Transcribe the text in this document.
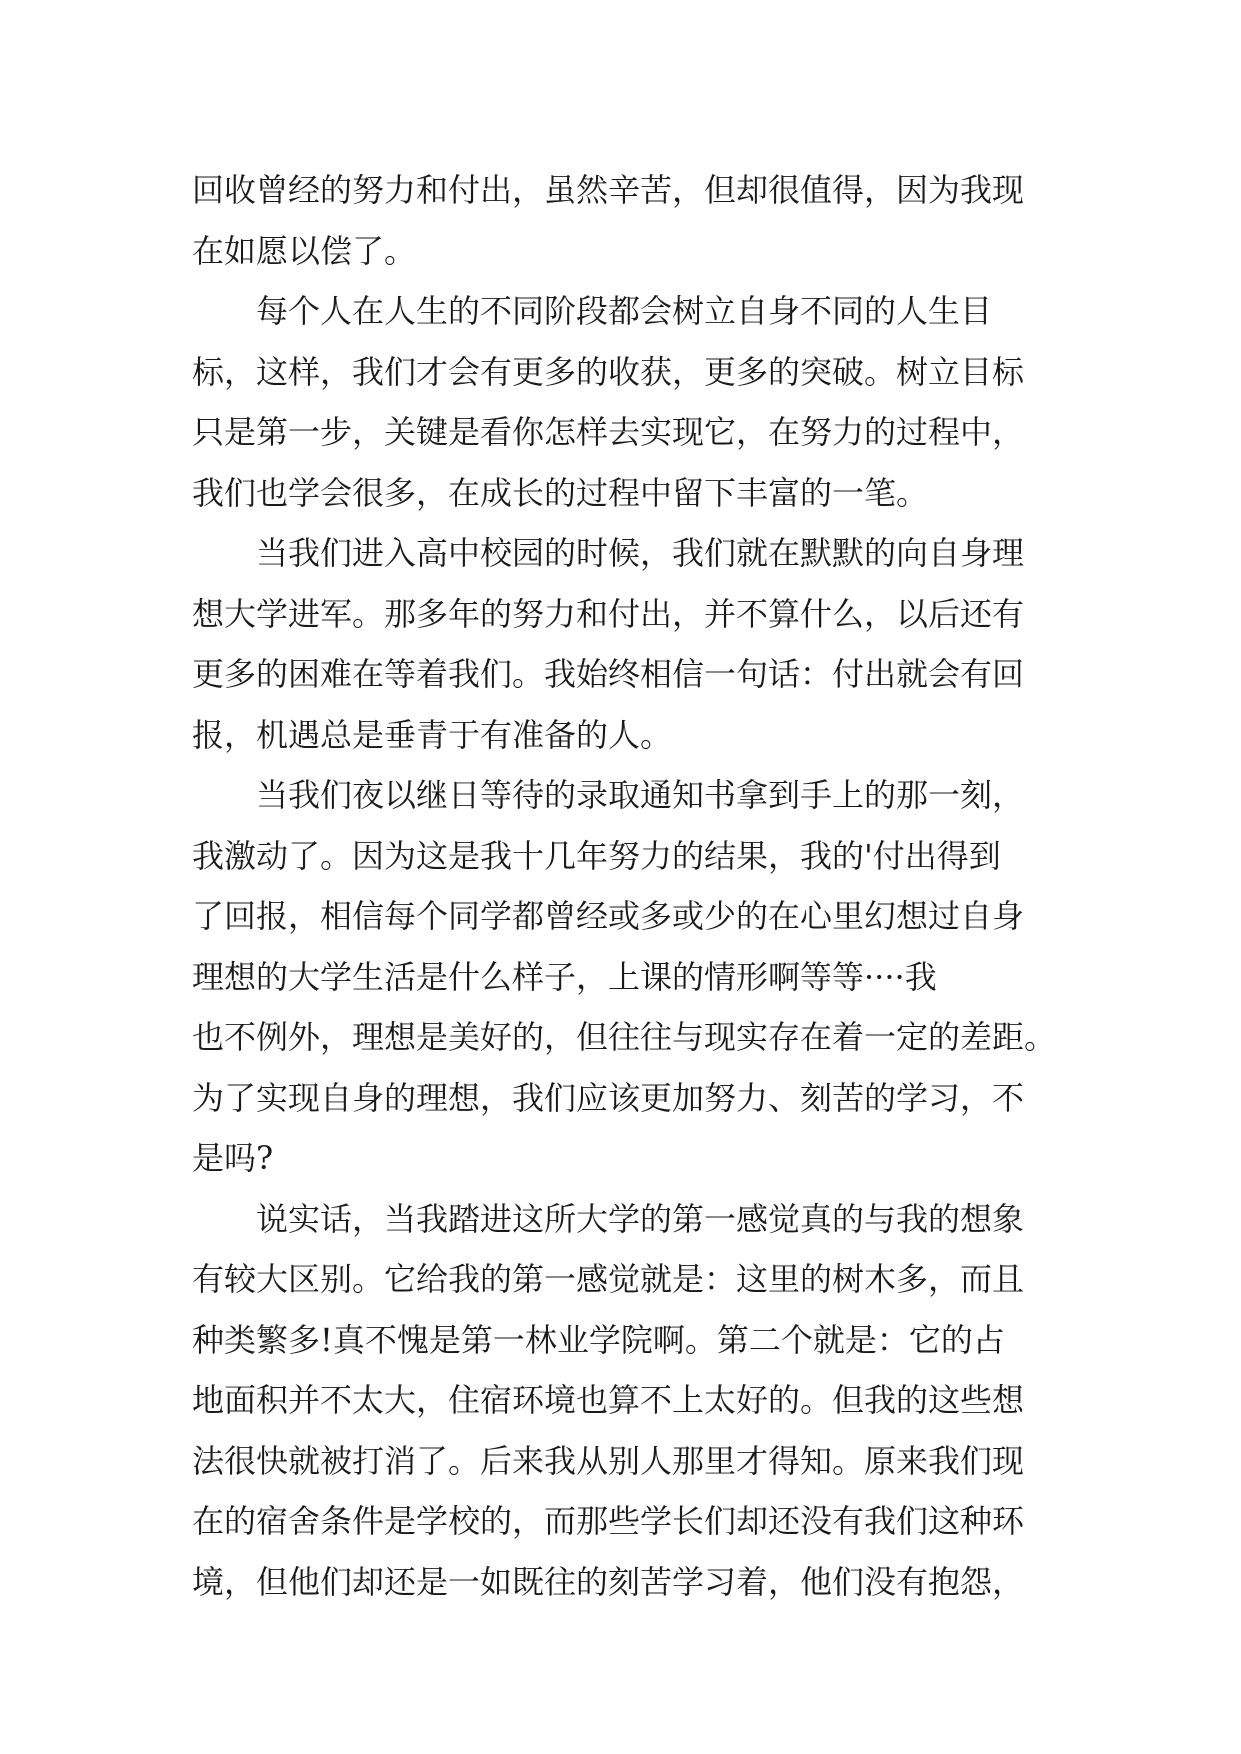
回收曾经的努力和付出，虽然辛苦，但却很值得，因为我现
在如愿以偿了。
每个人在人生的不同阶段都会树立自身不同的人生目
标，这样，我们才会有更多的收获，更多的突破。树立目标
只是第一步，关键是看你怎样去实现它，在努力的过程中，
我们也学会很多，在成长的过程中留下丰富的一笔。
当我们进入高中校园的时候，我们就在默默的向自身理
想大学进军。那多年的努力和付出，并不算什么，以后还有
更多的困难在等着我们。我始终相信一句话：付出就会有回
报，机遇总是垂青于有准备的人。
当我们夜以继日等待的录取通知书拿到手上的那一刻，
我激动了。因为这是我十几年努力的结果，我的'付出得到
了回报，相信每个同学都曾经或多或少的在心里幻想过自身
理想的大学生活是什么样子，上课的情形啊等等····我
也不例外，理想是美好的，但往往与现实存在着一定的差距。
为了实现自身的理想，我们应该更加努力、刻苦的学习，不
是吗?
说实话，当我踏进这所大学的第一感觉真的与我的想象
有较大区别。它给我的第一感觉就是：这里的树木多，而且
种类繁多!真不愧是第一林业学院啊。第二个就是：它的占
地面积并不太大，住宿环境也算不上太好的。但我的这些想
法很快就被打消了。后来我从别人那里才得知。原来我们现
在的宿舍条件是学校的，而那些学长们却还没有我们这种环
境，但他们却还是一如既往的刻苦学习着，他们没有抱怨，
